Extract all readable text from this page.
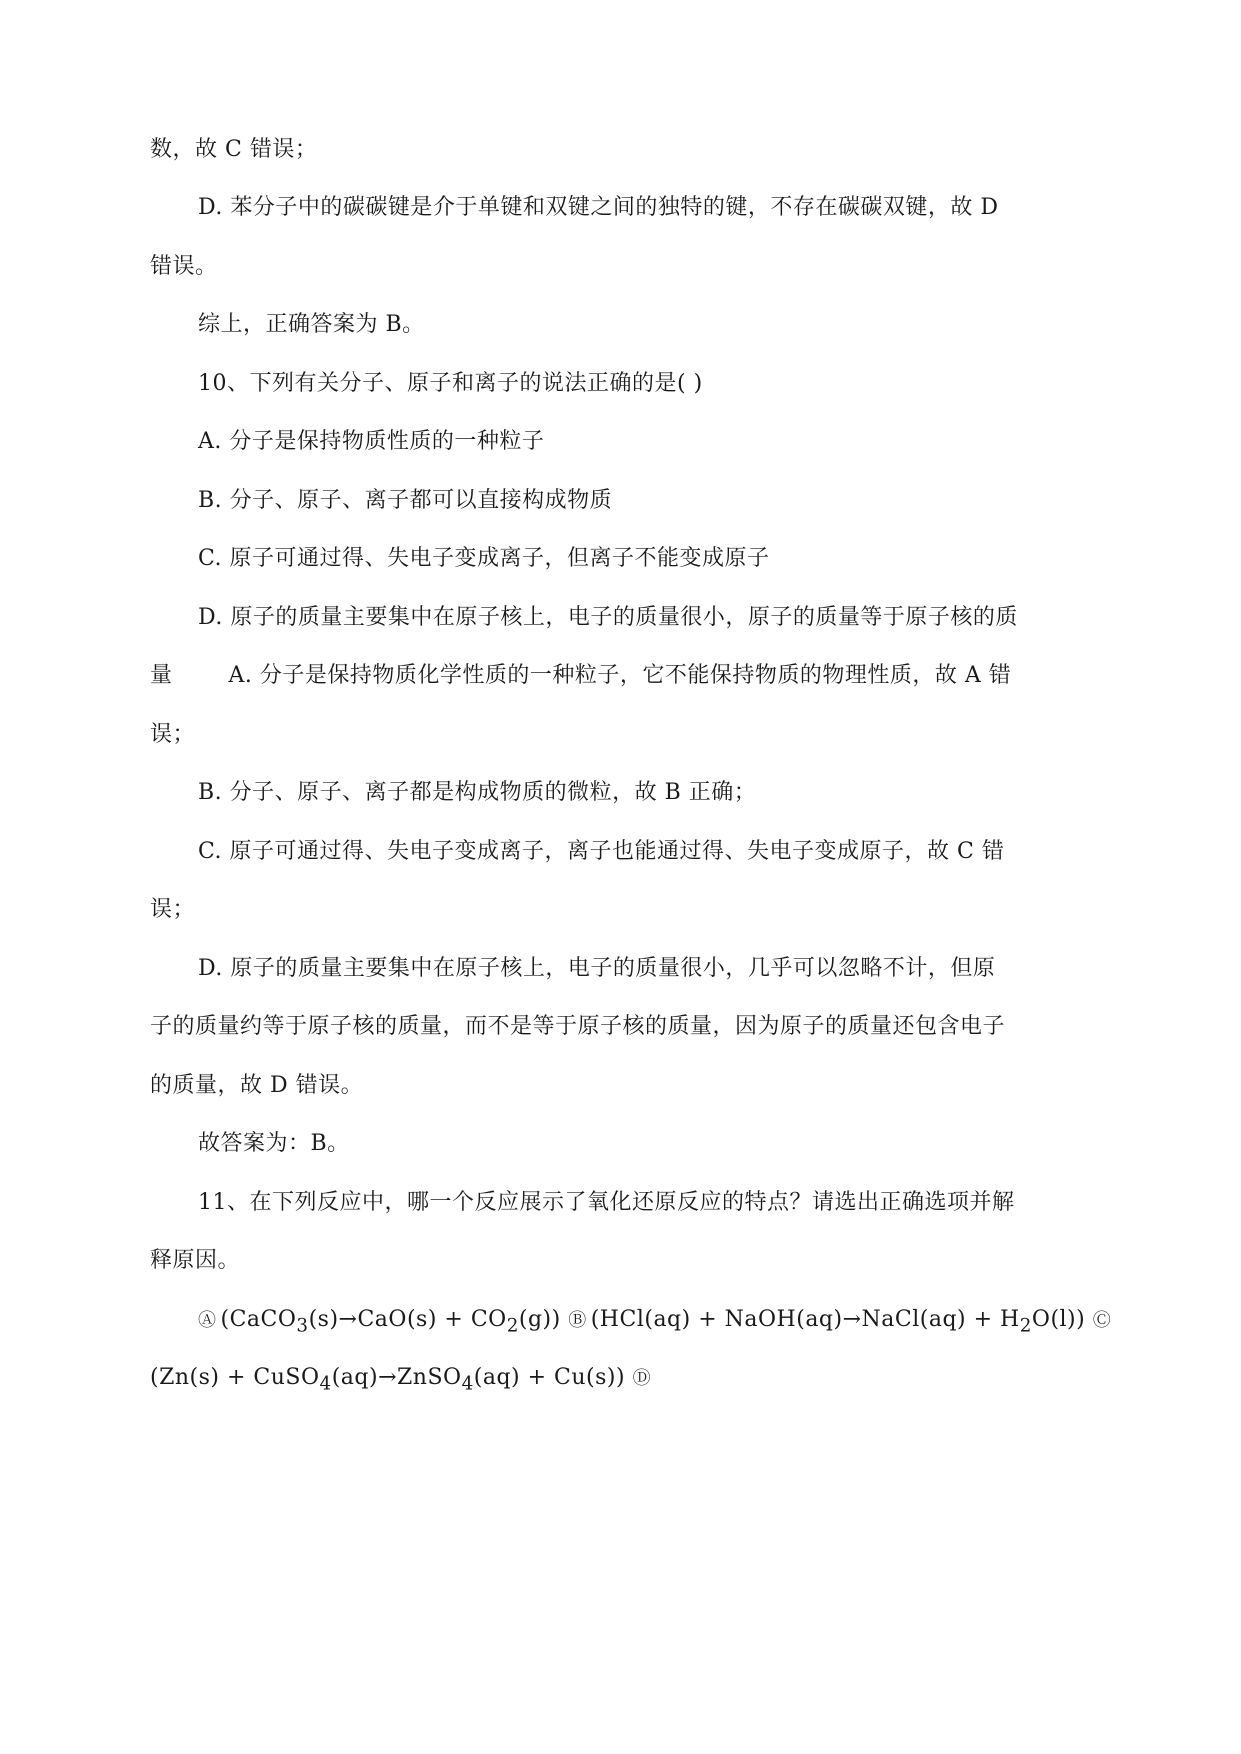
数，故 C 错误；
D. 苯分子中的碳碳键是介于单键和双键之间的独特的键，不存在碳碳双键，故 D
错误。
综上，正确答案为 B。
10、下列有关分子、原子和离子的说法正确的是( )
A. 分子是保持物质性质的一种粒子
B. 分子、原子、离子都可以直接构成物质
C. 原子可通过得、失电子变成离子，但离子不能变成原子
D. 原子的质量主要集中在原子核上，电子的质量很小，原子的质量等于原子核的质
量	A. 分子是保持物质化学性质的一种粒子，它不能保持物质的物理性质，故 A 错
误；
B. 分子、原子、离子都是构成物质的微粒，故 B 正确；
C. 原子可通过得、失电子变成离子，离子也能通过得、失电子变成原子，故 C 错
误；
D. 原子的质量主要集中在原子核上，电子的质量很小，几乎可以忽略不计，但原
子的质量约等于原子核的质量，而不是等于原子核的质量，因为原子的质量还包含电子
的质量，故 D 错误。
故答案为：B。
11、在下列反应中，哪一个反应展示了氧化还原反应的特点？请选出正确选项并解
释原因。
Ⓐ (CaCO$_3$(s)→CaO(s) + $CO_2(g)$) Ⓑ (HCl(aq) + NaOH(aq)→NaCl(aq) + $H_2O(l)$) Ⓒ
(Zn(s) + CuSO$_4$(aq)→ZnSO$_4$(aq) + Cu(s)) Ⓓ
